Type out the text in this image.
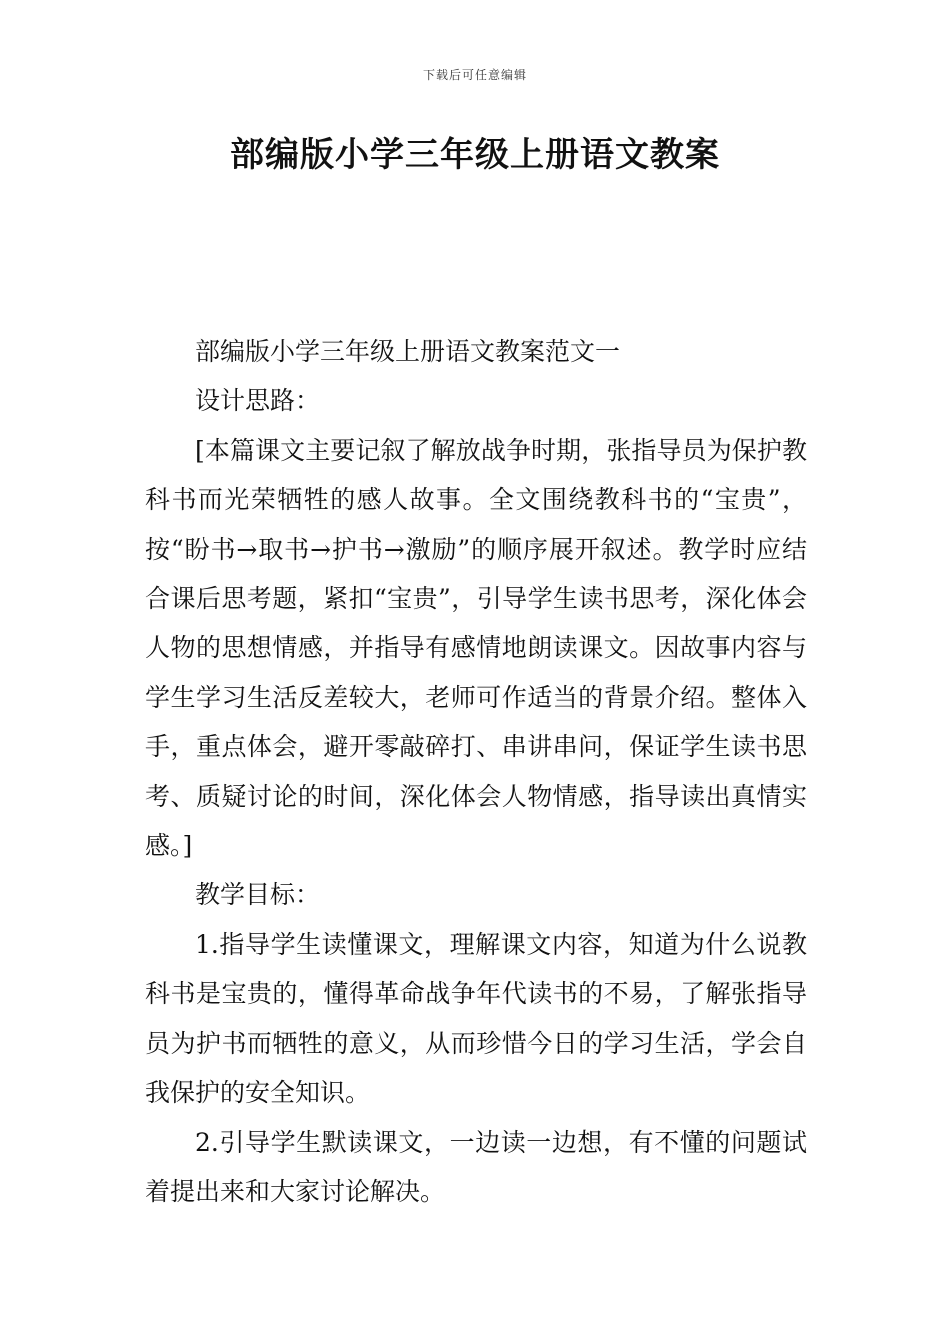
下载后可任意编辑
部编版小学三年级上册语文教案

部编版小学三年级上册语文教案范文一

设计思路：

[本篇课文主要记叙了解放战争时期，张指导员为保护教科书而光荣牺牲的感人故事。全文围绕教科书的“宝贵”，按“盼书→取书→护书→激励”的顺序展开叙述。教学时应结合课后思考题，紧扣“宝贵”，引导学生读书思考，深化体会人物的思想情感，并指导有感情地朗读课文。因故事内容与学生学习生活反差较大，老师可作适当的背景介绍。整体入手，重点体会，避开零敲碎打、串讲串问，保证学生读书思考、质疑讨论的时间，深化体会人物情感，指导读出真情实感。]

教学目标：

1.指导学生读懂课文，理解课文内容，知道为什么说教科书是宝贵的，懂得革命战争年代读书的不易，了解张指导员为护书而牺牲的意义，从而珍惜今日的学习生活，学会自我保护的安全知识。

2.引导学生默读课文，一边读一边想，有不懂的问题试着提出来和大家讨论解决。
